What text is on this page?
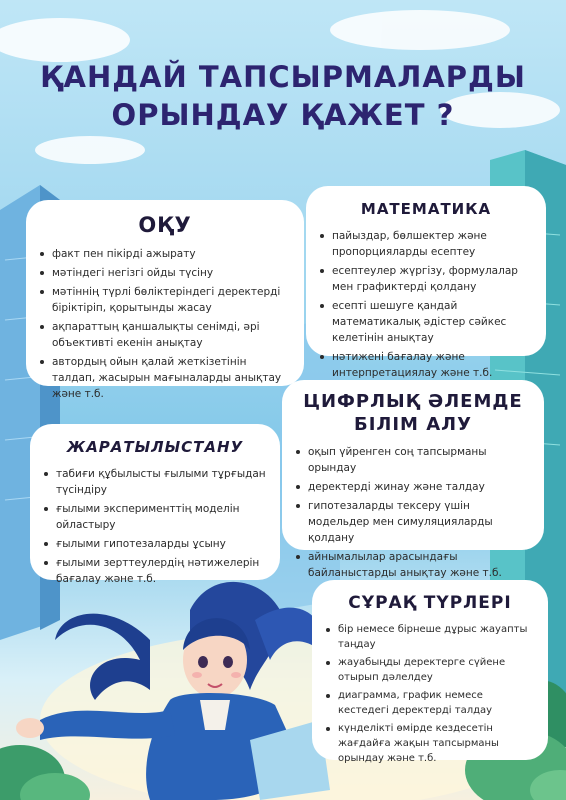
ҚАНДАЙ ТАПСЫРМАЛАРДЫ
ОРЫНДАУ ҚАЖЕТ ?
ОҚУ
факт пен пікірді ажырату
мәтіндегі негізгі ойды түсіну
мәтіннің түрлі бөліктеріндегі деректерді біріктіріп, қорытынды жасау
ақпараттың қаншалықты сенімді, әрі объективті екенін анықтау
автордың ойын қалай жеткізетінін талдап, жасырын мағыналарды анықтау және т.б.
МАТЕМАТИКА
пайыздар, бөлшектер және пропорцияларды есептеу
есептеулер жүргізу, формулалар мен графиктерді қолдану
есепті шешуге қандай математикалық әдістер сәйкес келетінін анықтау
нәтижені бағалау және интерпретациялау және т.б.
ЦИФРЛЫҚ ӘЛЕМДЕ
БІЛІМ АЛУ
оқып үйренген соң тапсырманы орындау
деректерді жинау және талдау
гипотезаларды тексеру үшін модельдер мен симуляцияларды қолдану
айнымалылар арасындағы байланыстарды анықтау және т.б.
ЖАРАТЫЛЫСТАНУ
табиғи құбылысты ғылыми тұрғыдан түсіндіру
ғылыми эксперименттің моделін ойластыру
ғылыми гипотезаларды ұсыну
ғылыми зерттеулердің нәтижелерін бағалау және т.б.
СҰРАҚ ТҮРЛЕРІ
бір немесе бірнеше дұрыс жауапты таңдау
жауабыңды деректерге сүйене отырып дәлелдеу
диаграмма, график немесе кестедегі деректерді талдау
күнделікті өмірде кездесетін жағдайға жақын тапсырманы орындау және т.б.
